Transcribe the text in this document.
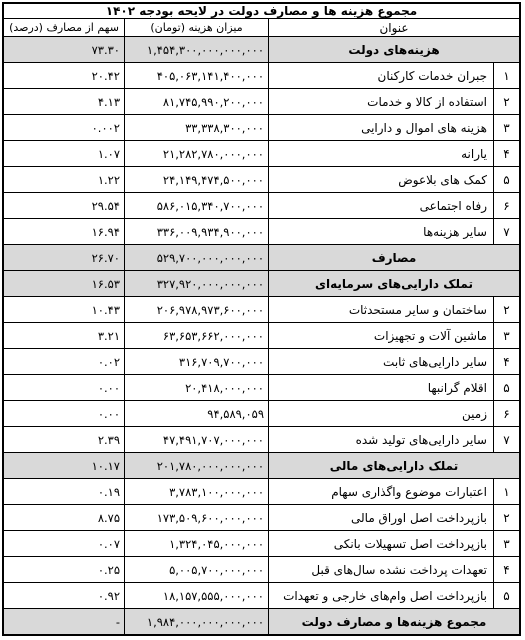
مجموع هزینه ها و مصارف دولت در لایحه بودجه ۱۴۰۲
عنوان
میزان هزینه (تومان)
سهم از مصارف (درصد)
هزینه‌های دولت
۱,۴۵۴,۳۰۰,۰۰۰,۰۰۰,۰۰۰
۷۳.۳۰
۱
جبران خدمات کارکنان
۴۰۵,۰۶۳,۱۴۱,۴۰۰,۰۰۰
۲۰.۴۲
۲
استفاده از کالا و خدمات
۸۱,۷۴۵,۹۹۰,۲۰۰,۰۰۰
۴.۱۳
۳
هزینه های اموال و دارایی
۳۳,۳۳۸,۳۰۰,۰۰۰
۰.۰۰۲
۴
یارانه
۲۱,۲۸۲,۷۸۰,۰۰۰,۰۰۰
۱.۰۷
۵
کمک های بلاعوض
۲۴,۱۴۹,۴۷۴,۵۰۰,۰۰۰
۱.۲۲
۶
رفاه اجتماعی
۵۸۶,۰۱۵,۳۴۰,۷۰۰,۰۰۰
۲۹.۵۴
۷
سایر هزینه‌ها
۳۳۶,۰۰۹,۹۳۴,۹۰۰,۰۰۰
۱۶.۹۴
مصارف
۵۲۹,۷۰۰,۰۰۰,۰۰۰,۰۰۰
۲۶.۷۰
تملک دارایی‌های سرمایه‌ای
۳۲۷,۹۲۰,۰۰۰,۰۰۰,۰۰۰
۱۶.۵۳
۲
ساختمان و سایر مستحدثات
۲۰۶,۹۷۸,۹۷۳,۶۰۰,۰۰۰
۱۰.۴۳
۳
ماشین آلات و تجهیزات
۶۳,۶۵۳,۶۶۲,۰۰۰,۰۰۰
۳.۲۱
۴
سایر دارایی‌های ثابت
۳۱۶,۷۰۹,۷۰۰,۰۰۰
۰.۰۲
۵
اقلام گرانبها
۲۰,۴۱۸,۰۰۰,۰۰۰
۰.۰۰
۶
زمین
۹۴,۵۸۹,۰۵۹
۰.۰۰
۷
سایر دارایی‌های تولید شده
۴۷,۴۹۱,۷۰۷,۰۰۰,۰۰۰
۲.۳۹
تملک دارایی‌های مالی
۲۰۱,۷۸۰,۰۰۰,۰۰۰,۰۰۰
۱۰.۱۷
۱
اعتبارات موضوع واگذاری سهام
۳,۷۸۳,۱۰۰,۰۰۰,۰۰۰
۰.۱۹
۲
بازپرداخت اصل اوراق مالی
۱۷۳,۵۰۹,۶۰۰,۰۰۰,۰۰۰
۸.۷۵
۳
بازپرداخت اصل تسهیلات بانکی
۱,۳۲۴,۰۴۵,۰۰۰,۰۰۰
۰.۰۷
۴
تعهدات پرداخت نشده سال‌های قبل
۵,۰۰۵,۷۰۰,۰۰۰,۰۰۰
۰.۲۵
۵
بازپرداخت اصل وام‌های خارجی و تعهدات
۱۸,۱۵۷,۵۵۵,۰۰۰,۰۰۰
۰.۹۲
مجموع هزینه‌ها و مصارف دولت
۱,۹۸۴,۰۰۰,۰۰۰,۰۰۰,۰۰۰
-
